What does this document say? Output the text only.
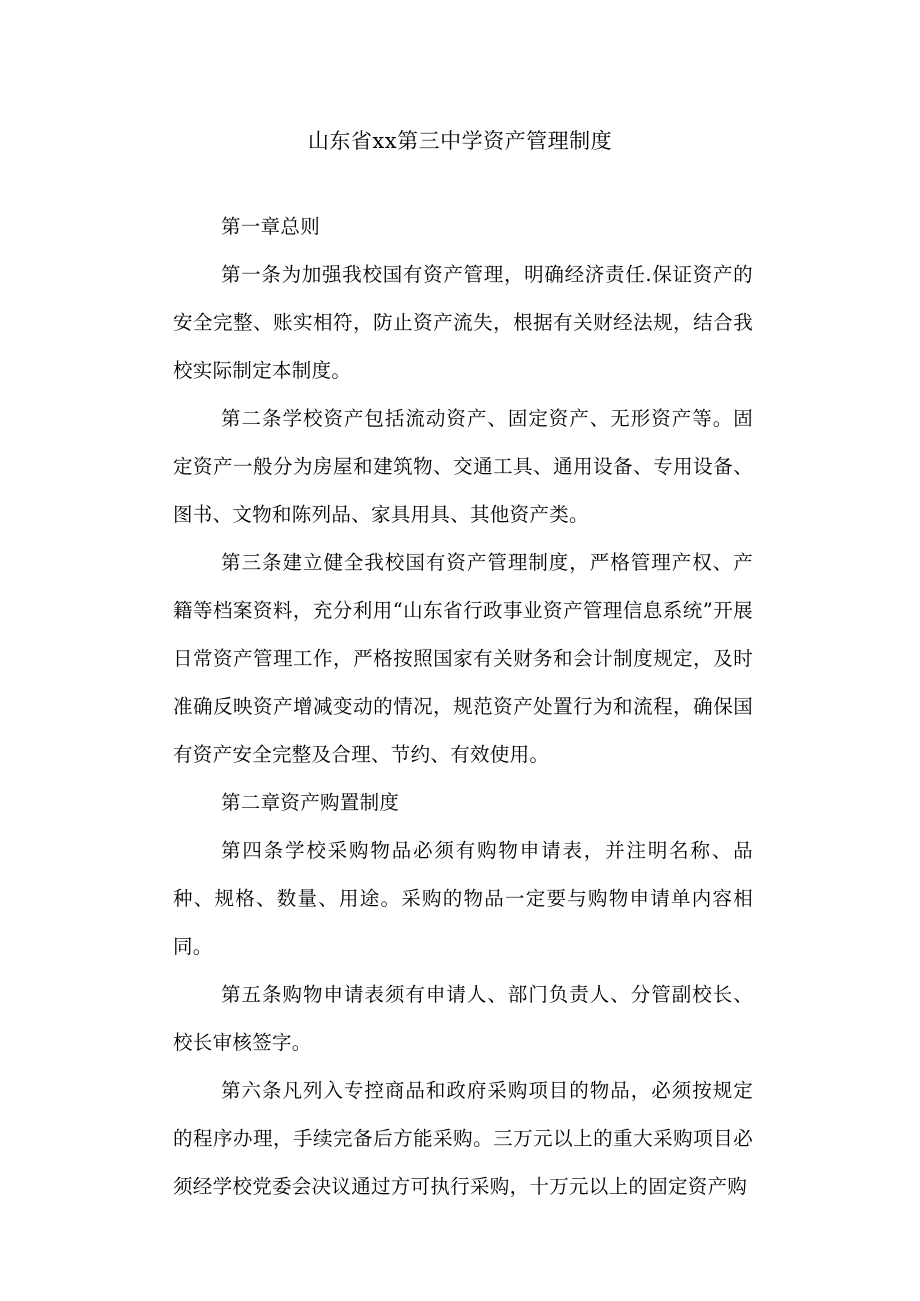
山东省xx第三中学资产管理制度

第一章总则

第一条为加强我校国有资产管理，明确经济责任.保证资产的安全完整、账实相符，防止资产流失，根据有关财经法规，结合我校实际制定本制度。

第二条学校资产包括流动资产、固定资产、无形资产等。固定资产一般分为房屋和建筑物、交通工具、通用设备、专用设备、图书、文物和陈列品、家具用具、其他资产类。

第三条建立健全我校国有资产管理制度，严格管理产权、产籍等档案资料，充分利用“山东省行政事业资产管理信息系统”开展日常资产管理工作，严格按照国家有关财务和会计制度规定，及时准确反映资产增减变动的情况，规范资产处置行为和流程，确保国有资产安全完整及合理、节约、有效使用。

第二章资产购置制度

第四条学校采购物品必须有购物申请表，并注明名称、品种、规格、数量、用途。采购的物品一定要与购物申请单内容相同。

第五条购物申请表须有申请人、部门负责人、分管副校长、校长审核签字。

第六条凡列入专控商品和政府采购项目的物品，必须按规定的程序办理，手续完备后方能采购。三万元以上的重大采购项目必须经学校党委会决议通过方可执行采购，十万元以上的固定资产购
